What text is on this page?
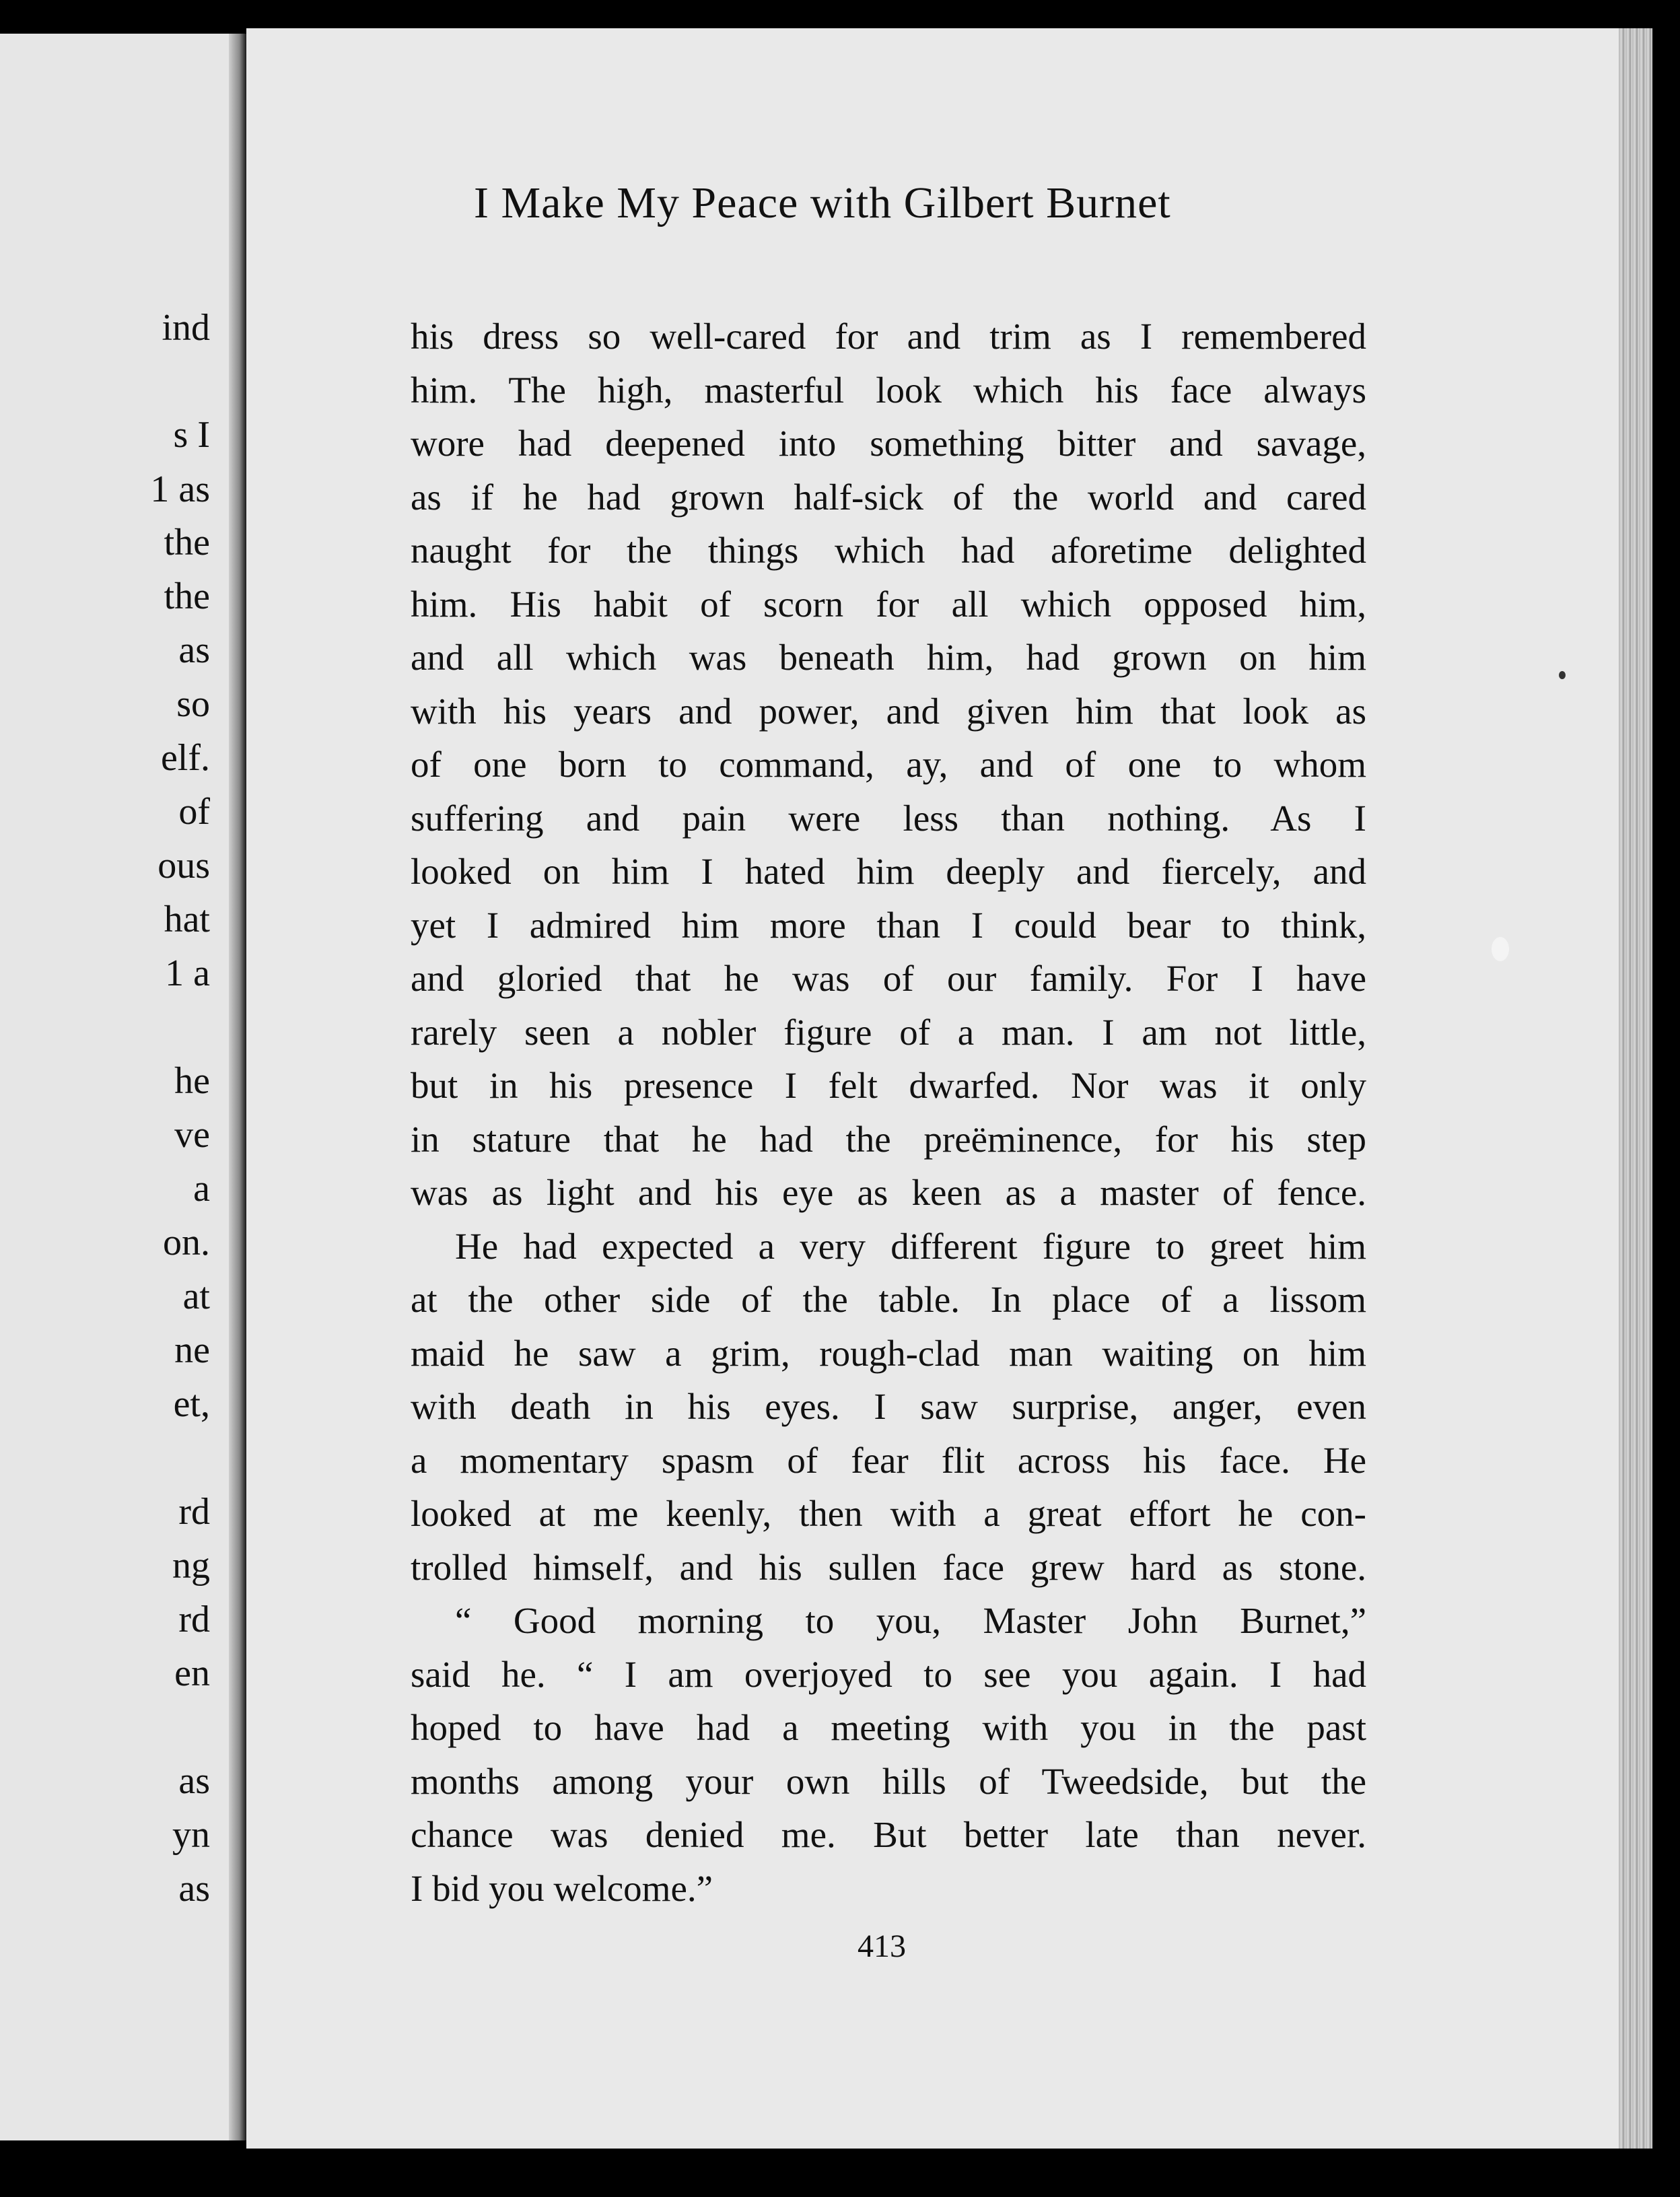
ind
s I
1 as
the
the
as
so
elf.
of
ous
hat
1 a
he
ve
a
on.
at
ne
et,
rd
ng
rd
en
as
yn
as
I Make My Peace with Gilbert Burnet
his dress so well-cared for and trim as I remembered
him. The high, masterful look which his face always
wore had deepened into something bitter and savage,
as if he had grown half-sick of the world and cared
naught for the things which had aforetime delighted
him. His habit of scorn for all which opposed him,
and all which was beneath him, had grown on him
with his years and power, and given him that look as
of one born to command, ay, and of one to whom
suffering and pain were less than nothing. As I
looked on him I hated him deeply and fiercely, and
yet I admired him more than I could bear to think,
and gloried that he was of our family. For I have
rarely seen a nobler figure of a man. I am not little,
but in his presence I felt dwarfed. Nor was it only
in stature that he had the preëminence, for his step
was as light and his eye as keen as a master of fence.
He had expected a very different figure to greet him
at the other side of the table. In place of a lissom
maid he saw a grim, rough-clad man waiting on him
with death in his eyes. I saw surprise, anger, even
a momentary spasm of fear flit across his face. He
looked at me keenly, then with a great effort he con-
trolled himself, and his sullen face grew hard as stone.
“ Good morning to you, Master John Burnet,”
said he. “ I am overjoyed to see you again. I had
hoped to have had a meeting with you in the past
months among your own hills of Tweedside, but the
chance was denied me. But better late than never.
I bid you welcome.”
413
